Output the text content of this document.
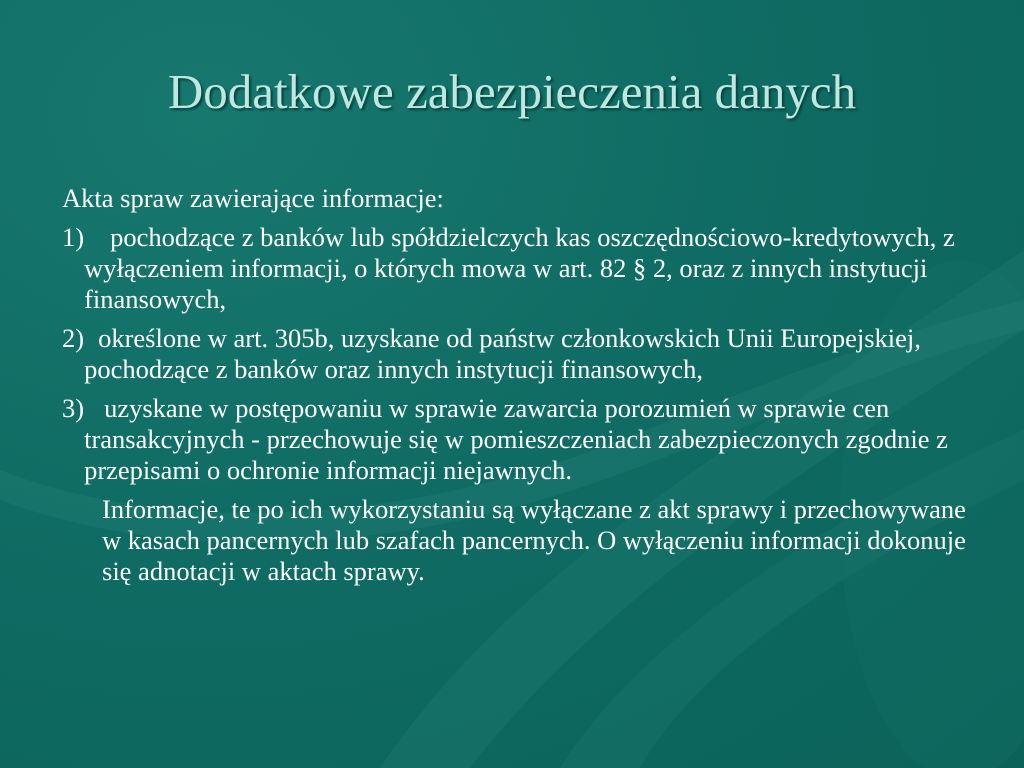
Dodatkowe zabezpieczenia danych

Akta spraw zawierające informacje:

1) pochodzące z banków lub spółdzielczych kas oszczędnościowo-kredytowych, z wyłączeniem informacji, o których mowa w art. 82 § 2, oraz z innych instytucji finansowych,
2) określone w art. 305b, uzyskane od państw członkowskich Unii Europejskiej, pochodzące z banków oraz innych instytucji finansowych,
3) uzyskane w postępowaniu w sprawie zawarcia porozumień w sprawie cen transakcyjnych - przechowuje się w pomieszczeniach zabezpieczonych zgodnie z przepisami o ochronie informacji niejawnych.

Informacje, te po ich wykorzystaniu są wyłączane z akt sprawy i przechowywane w kasach pancernych lub szafach pancernych. O wyłączeniu informacji dokonuje się adnotacji w aktach sprawy.
